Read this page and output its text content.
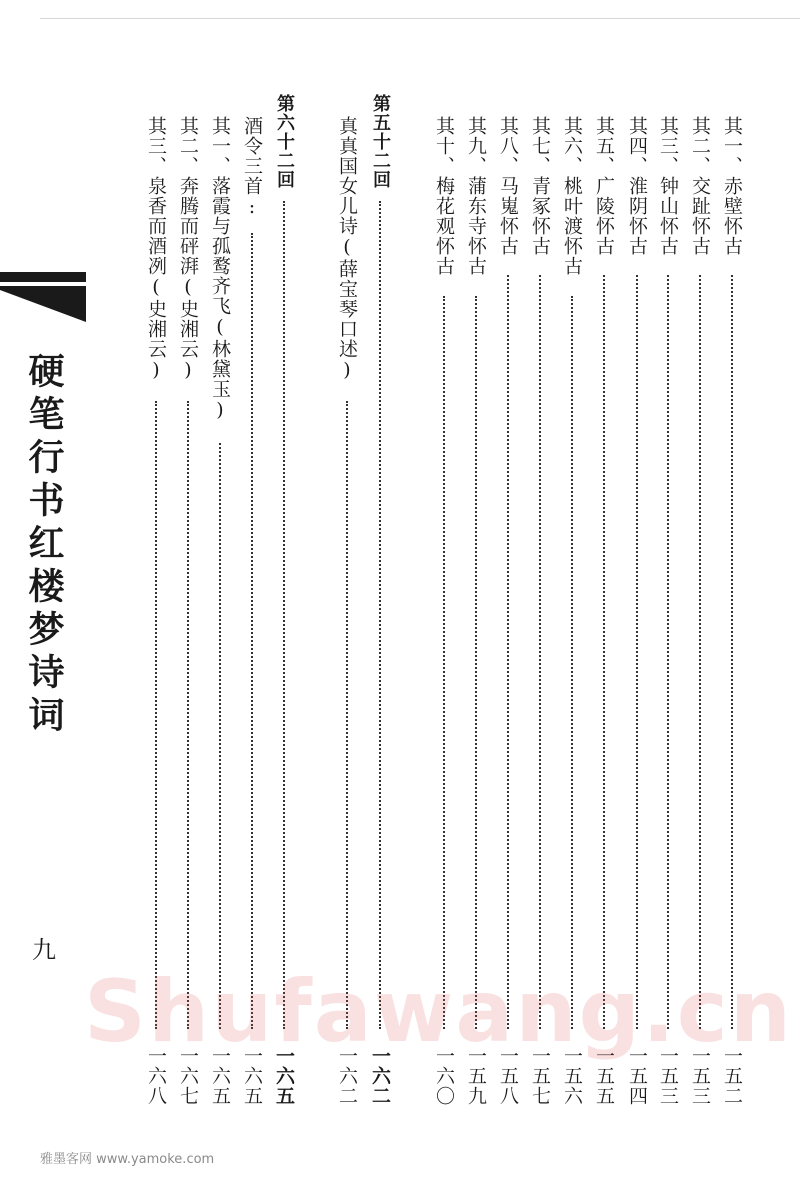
其一、赤壁怀古
一五二
其二、交趾怀古
一五三
其三、钟山怀古
一五三
其四、淮阴怀古
一五四
其五、广陵怀古
一五五
其六、桃叶渡怀古
一五六
其七、青冢怀古
一五七
其八、马嵬怀古
一五八
其九、蒲东寺怀古
一五九
其十、梅花观怀古
一六〇
第五十二回
一六二
真真国女儿诗(薛宝琴口述)
一六二
第六十二回
一六五
酒令三首:
一六五
其一、落霞与孤鹜齐飞(林黛玉)
一六五
其二、奔腾而砰湃(史湘云)
一六七
其三、泉香而酒冽(史湘云)
一六八
硬笔行书红楼梦诗词
九
Shufawang.cn
雅墨客网 www.yamoke.com
